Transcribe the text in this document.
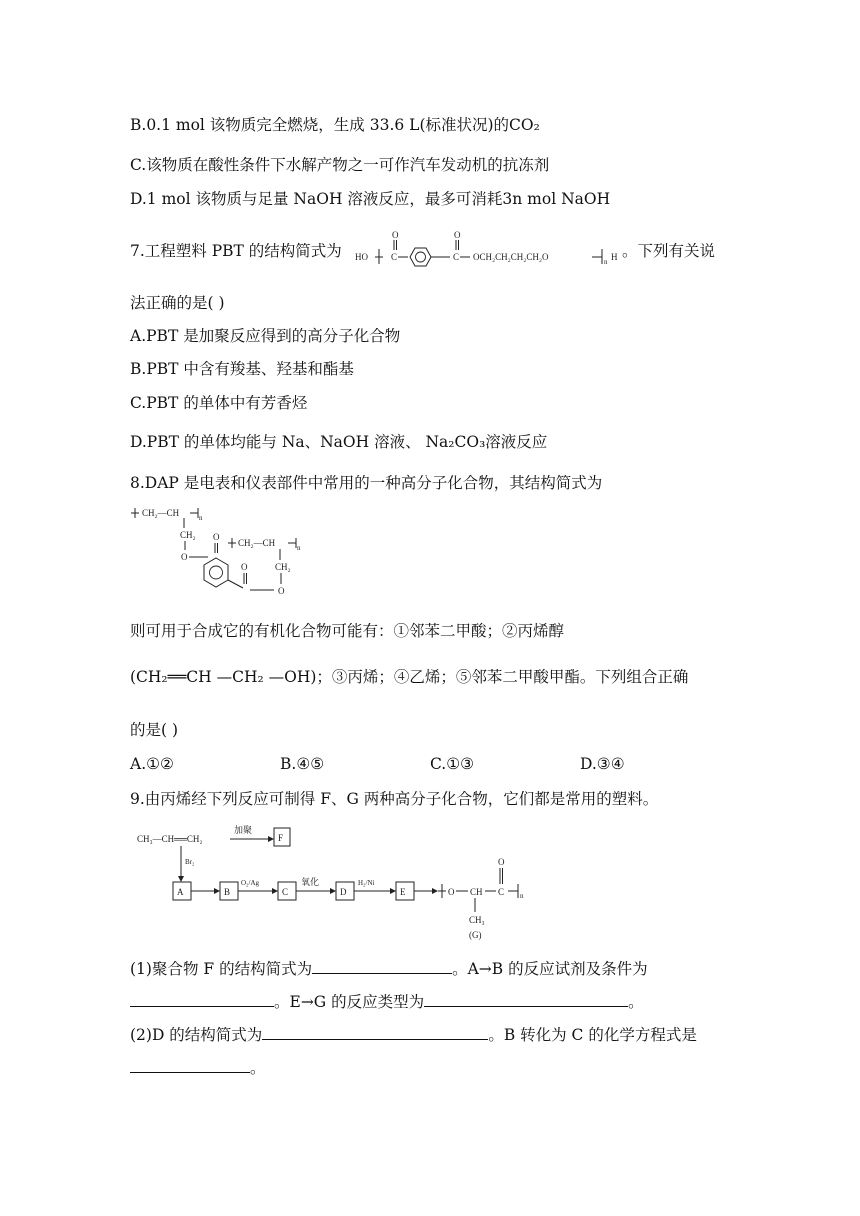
B.0.1 mol 该物质完全燃烧，生成 33.6 L(标准状况)的CO₂
C.该物质在酸性条件下水解产物之一可作汽车发动机的抗冻剂
D.1 mol 该物质与足量 NaOH 溶液反应，最多可消耗3n mol NaOH
7.工程塑料 PBT 的结构简式为 HO
O
C
O
C OCH₂CH₂CH₂CH₂O	n H 。下列有关说
法正确的是( )
A.PBT 是加聚反应得到的高分子化合物
B.PBT 中含有羧基、羟基和酯基
C.PBT 的单体中有芳香烃
D.PBT 的单体均能与 Na、NaOH 溶液、 Na₂CO₃溶液反应
8.DAP 是电表和仪表部件中常用的一种高分子化合物，其结构简式为
CH₂—CH	n
CH₂
O
O
CH₂—CH	n
CH₂
O
O
则可用于合成它的有机化合物可能有：①邻苯二甲酸；②丙烯醇
(CH₂══CH —CH₂ —OH)；③丙烯；④乙烯；⑤邻苯二甲酸甲酯。下列组合正确
的是( )
A.①②	B.④⑤	C.①③	D.③④
9.由丙烯经下列反应可制得 F、G 两种高分子化合物，它们都是常用的塑料。
CH₃—CH══CH₂
加聚
F
Br₂
A	B
O₂/Ag
C
氧化
D
H₂/Ni
E	O CH C
O
n
CH₃
(G)
(1)聚合物 F 的结构简式为	。A→B 的反应试剂及条件为
。E→G 的反应类型为	。
(2)D 的结构简式为	。B 转化为 C 的化学方程式是
。
